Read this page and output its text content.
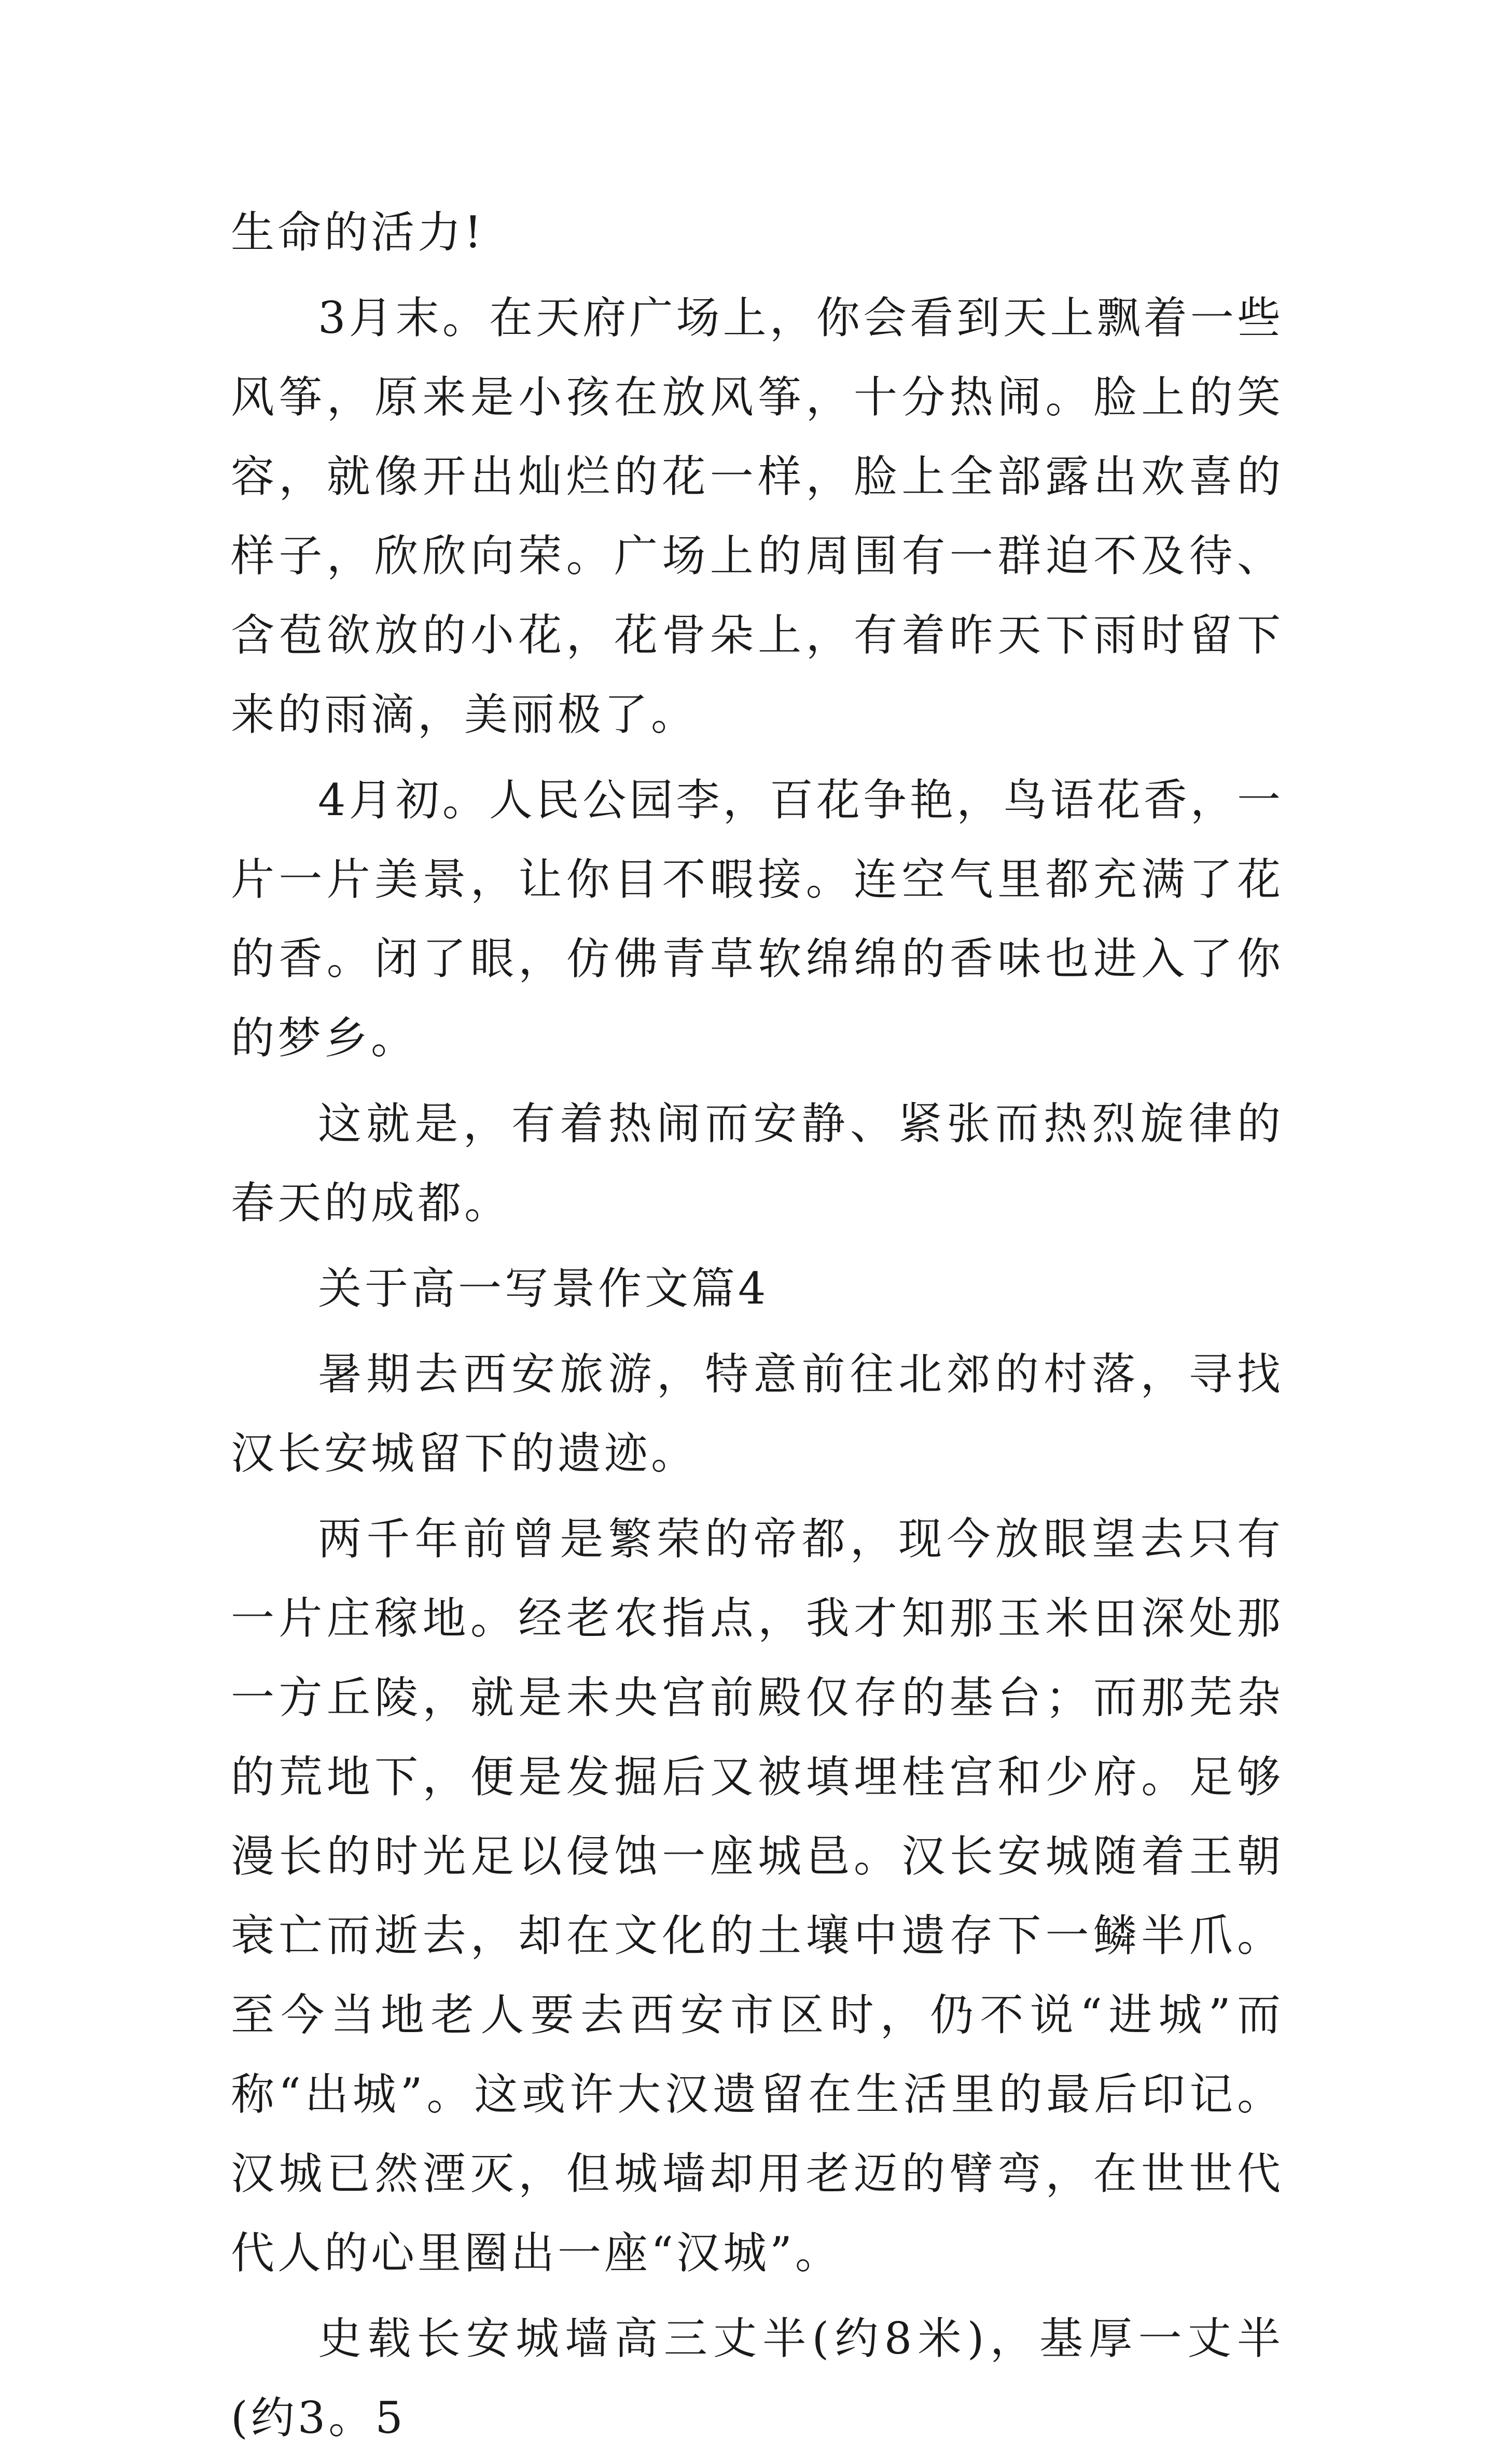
生命的活力!

3月末。在天府广场上，你会看到天上飘着一些风筝，原来是小孩在放风筝，十分热闹。脸上的笑容，就像开出灿烂的花一样，脸上全部露出欢喜的样子，欣欣向荣。广场上的周围有一群迫不及待、含苞欲放的小花，花骨朵上，有着昨天下雨时留下来的雨滴，美丽极了。

4月初。人民公园李，百花争艳，鸟语花香，一片一片美景，让你目不暇接。连空气里都充满了花的香。闭了眼，仿佛青草软绵绵的香味也进入了你的梦乡。

这就是，有着热闹而安静、紧张而热烈旋律的春天的成都。

关于高一写景作文篇4

暑期去西安旅游，特意前往北郊的村落，寻找汉长安城留下的遗迹。

两千年前曾是繁荣的帝都，现今放眼望去只有一片庄稼地。经老农指点，我才知那玉米田深处那一方丘陵，就是未央宫前殿仅存的基台；而那芜杂的荒地下，便是发掘后又被填埋桂宫和少府。足够漫长的时光足以侵蚀一座城邑。汉长安城随着王朝衰亡而逝去，却在文化的土壤中遗存下一鳞半爪。至今当地老人要去西安市区时，仍不说“进城”而称“出城”。这或许大汉遗留在生活里的最后印记。汉城已然湮灭，但城墙却用老迈的臂弯，在世世代代人的心里圈出一座“汉城”。

史载长安城墙高三丈半(约8米)，基厚一丈半(约3。5
